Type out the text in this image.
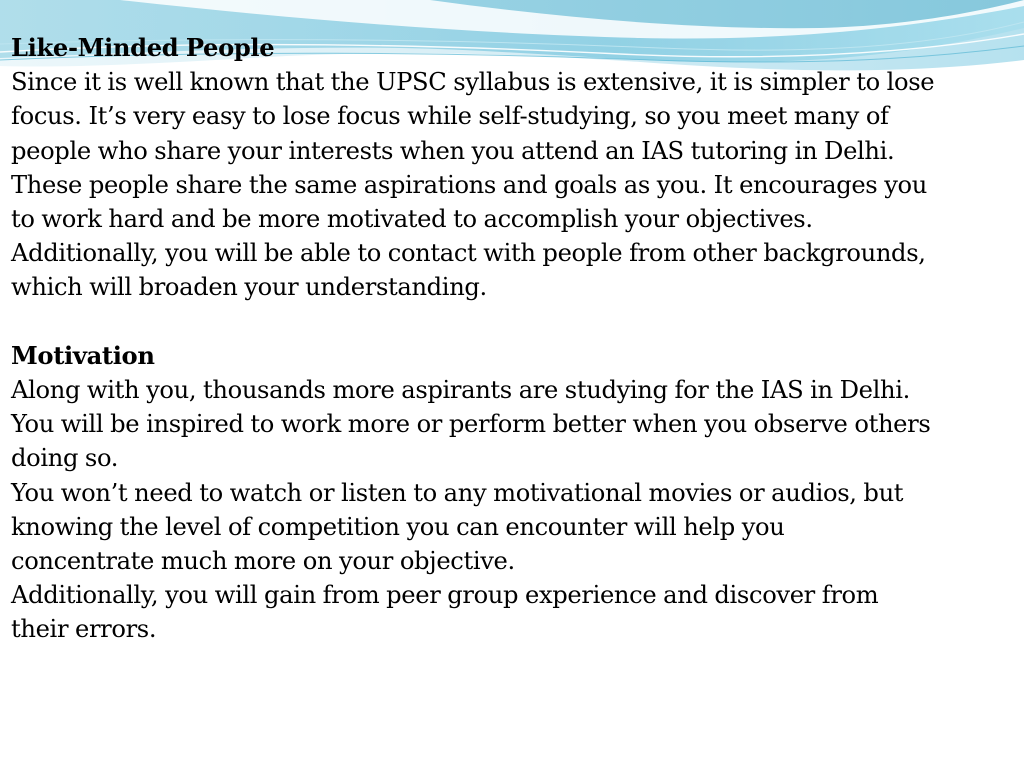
Like-Minded People
Since it is well known that the UPSC syllabus is extensive, it is simpler to lose
focus. It’s very easy to lose focus while self-studying, so you meet many of
people who share your interests when you attend an IAS tutoring in Delhi.
These people share the same aspirations and goals as you. It encourages you
to work hard and be more motivated to accomplish your objectives.
Additionally, you will be able to contact with people from other backgrounds,
which will broaden your understanding.
Motivation
Along with you, thousands more aspirants are studying for the IAS in Delhi.
You will be inspired to work more or perform better when you observe others
doing so.
You won’t need to watch or listen to any motivational movies or audios, but
knowing the level of competition you can encounter will help you
concentrate much more on your objective.
Additionally, you will gain from peer group experience and discover from
their errors.
